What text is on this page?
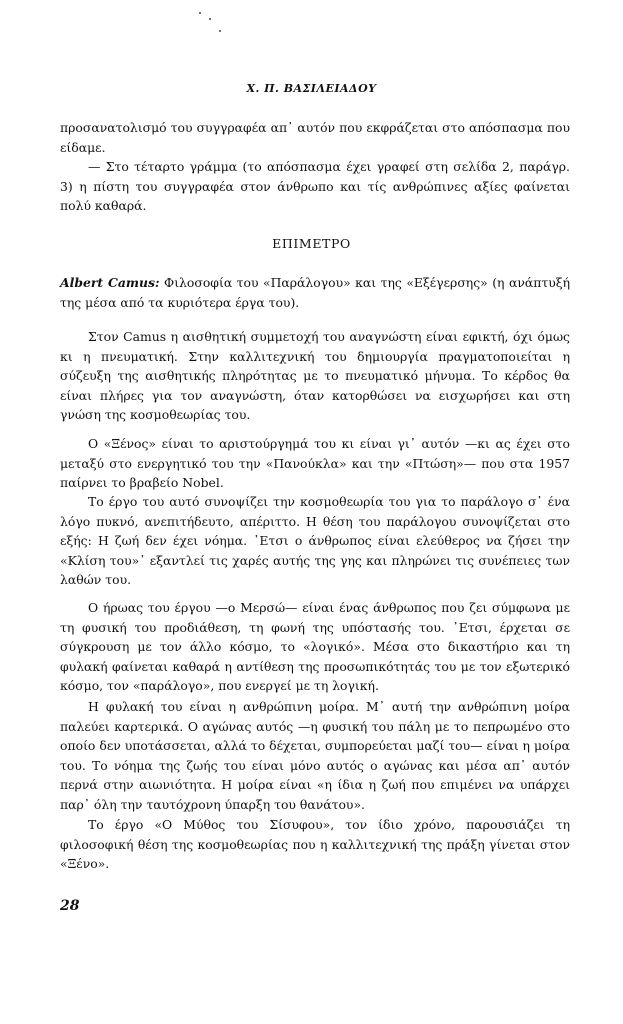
Χ. Π. ΒΑΣΙΛΕΙΑΔΟΥ

προσανατολισμό του συγγραφέα απ᾽ αυτόν που εκφράζεται στο απόσπασμα που είδαμε.

— Στο τέταρτο γράμμα (το απόσπασμα έχει γραφεί στη σελίδα 2, παράγρ. 3) η πίστη του συγγραφέα στον άνθρωπο και τίς ανθρώπινες αξίες φαίνεται πολύ καθαρά.

ΕΠΙΜΕΤΡΟ

Albert Camus: Φιλοσοφία του «Παράλογου» και της «Εξέγερσης» (η ανάπτυξή της μέσα από τα κυριότερα έργα του).

Στον Camus η αισθητική συμμετοχή του αναγνώστη είναι εφικτή, όχι όμως κι η πνευματική. Στην καλλιτεχνική του δημιουργία πραγματοποιείται η σύζευξη της αισθητικής πληρότητας με το πνευματικό μήνυμα. Το κέρδος θα είναι πλήρες για τον αναγνώστη, όταν κατορθώσει να εισχωρήσει και στη γνώση της κοσμοθεωρίας του.

Ο «Ξένος» είναι το αριστούργημά του κι είναι γι᾽ αυτόν —κι ας έχει στο μεταξύ στο ενεργητικό του την «Πανούκλα» και την «Πτώση»— που στα 1957 παίρνει το βραβείο Nobel.

Το έργο του αυτό συνοψίζει την κοσμοθεωρία του για το παράλογο σ᾽ ένα λόγο πυκνό, ανεπιτήδευτο, απέριττο. Η θέση του παράλογου συνοψίζεται στο εξής: Η ζωή δεν έχει νόημα. ᾽Ετσι ο άνθρωπος είναι ελεύθερος να ζήσει την «Κλίση του»᾽ εξαντλεί τις χαρές αυτής της γης και πληρώνει τις συνέπειες των λαθών του.

Ο ήρωας του έργου —ο Μερσώ— είναι ένας άνθρωπος που ζει σύμφωνα με τη φυσική του προδιάθεση, τη φωνή της υπόστασής του. ᾽Ετσι, έρχεται σε σύγκρουση με τον άλλο κόσμο, το «λογικό». Μέσα στο δικαστήριο και τη φυλακή φαίνεται καθαρά η αντίθεση της προσωπικότητάς του με τον εξωτερικό κόσμο, τον «παράλογο», που ενεργεί με τη λογική.

Η φυλακή του είναι η ανθρώπινη μοίρα. Μ᾽ αυτή την ανθρώπινη μοίρα παλεύει καρτερικά. Ο αγώνας αυτός —η φυσική του πάλη με το πεπρωμένο στο οποίο δεν υποτάσσεται, αλλά το δέχεται, συμπορεύεται μαζί του— είναι η μοίρα του. Το νόημα της ζωής του είναι μόνο αυτός ο αγώνας και μέσα απ᾽ αυτόν περνά στην αιωνιότητα. Η μοίρα είναι «η ίδια η ζωή που επιμένει να υπάρχει παρ᾽ όλη την ταυτόχρονη ύπαρξη του θανάτου».

Το έργο «Ο Μύθος του Σίσυφου», τον ίδιο χρόνο, παρουσιάζει τη φιλοσοφική θέση της κοσμοθεωρίας που η καλλιτεχνική της πράξη γίνεται στον «Ξένο».

28
